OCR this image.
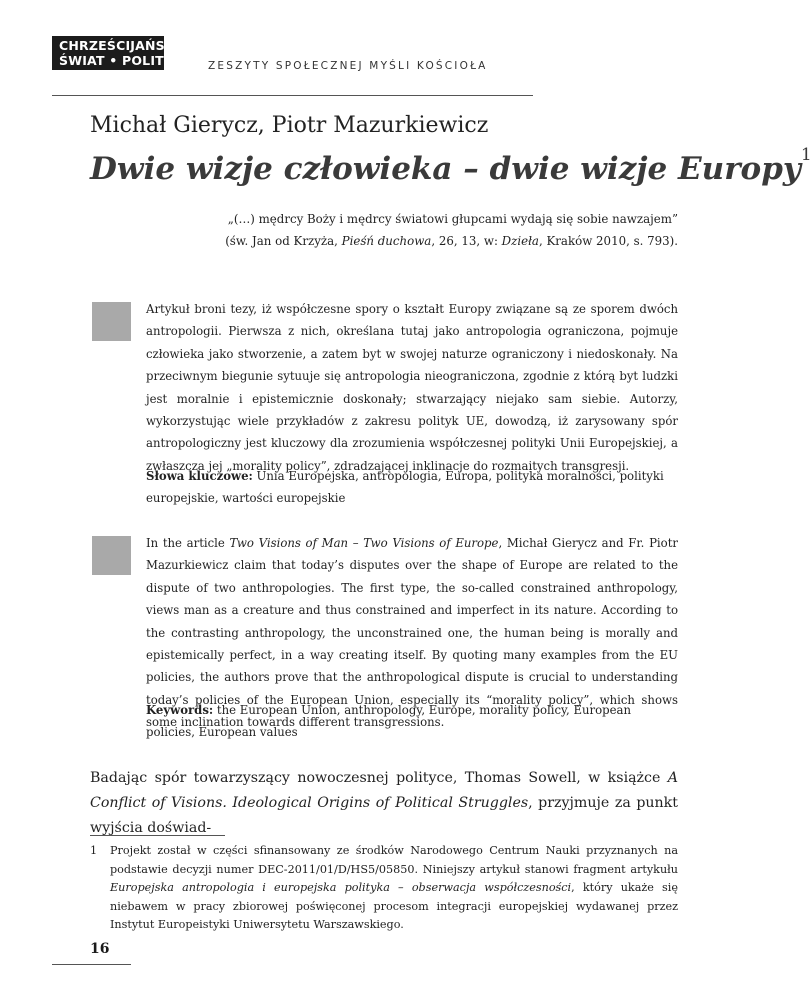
CHRZEŚCIJAŃSTWO
ŚWIAT • POLITYKA ZESZYTY SPOŁECZNEJ MYŚLI KOŚCIOŁA
Michał Gierycz, Piotr Mazurkiewicz
Dwie wizje człowieka – dwie wizje Europy$^1$
„(…) mędrcy Boży i mędrcy światowi głupcami wydają się sobie nawzajem”
(św. Jan od Krzyża, Pieśń duchowa, 26, 13, w: Dzieła, Kraków 2010, s. 793).
Artykuł broni tezy, iż współczesne spory o kształt Europy związane są ze sporem dwóch antropologii. Pierwsza z nich, określana tutaj jako antropologia ograniczona, pojmuje człowieka jako stworzenie, a zatem byt w swojej naturze ograniczony i niedoskonały. Na przeciwnym biegunie sytuuje się antropologia nieograniczona, zgodnie z którą byt ludzki jest moralnie i epistemicznie doskonały; stwarzający niejako sam siebie. Autorzy, wykorzystując wiele przykładów z zakresu polityk UE, dowodzą, iż zarysowany spór antropologiczny jest kluczowy dla zrozumienia współczesnej polityki Unii Europejskiej, a zwłaszcza jej „morality policy”, zdradzającej inklinacje do rozmaitych transgresji.
Słowa kluczowe: Unia Europejska, antropologia, Europa, polityka moralności, polityki europejskie, wartości europejskie
In the article Two Visions of Man – Two Visions of Europe, Michał Gierycz and Fr. Piotr Mazurkiewicz claim that today’s disputes over the shape of Europe are related to the dispute of two anthropologies. The first type, the so-called constrained anthropology, views man as a creature and thus constrained and imperfect in its nature. According to the contrasting anthropology, the unconstrained one, the human being is morally and epistemically perfect, in a way creating itself. By quoting many examples from the EU policies, the authors prove that the anthropological dispute is crucial to understanding today’s policies of the European Union, especially its “morality policy”, which shows some inclination towards different transgressions.
Keywords: the European Union, anthropology, Europe, morality policy, European policies, European values
Badając spór towarzyszący nowoczesnej polityce, Thomas Sowell, w książce A Conflict of Visions. Ideological Origins of Political Struggles, przyjmuje za punkt wyjścia doświad-
1	Projekt został w części sfinansowany ze środków Narodowego Centrum Nauki przyznanych na podstawie decyzji numer DEC-2011/01/D/HS5/05850. Niniejszy artykuł stanowi fragment artykułu Europejska antropologia i europejska polityka – obserwacja współczesności, który ukaże się niebawem w pracy zbiorowej poświęconej procesom integracji europejskiej wydawanej przez Instytut Europeistyki Uniwersytetu Warszawskiego.
16
